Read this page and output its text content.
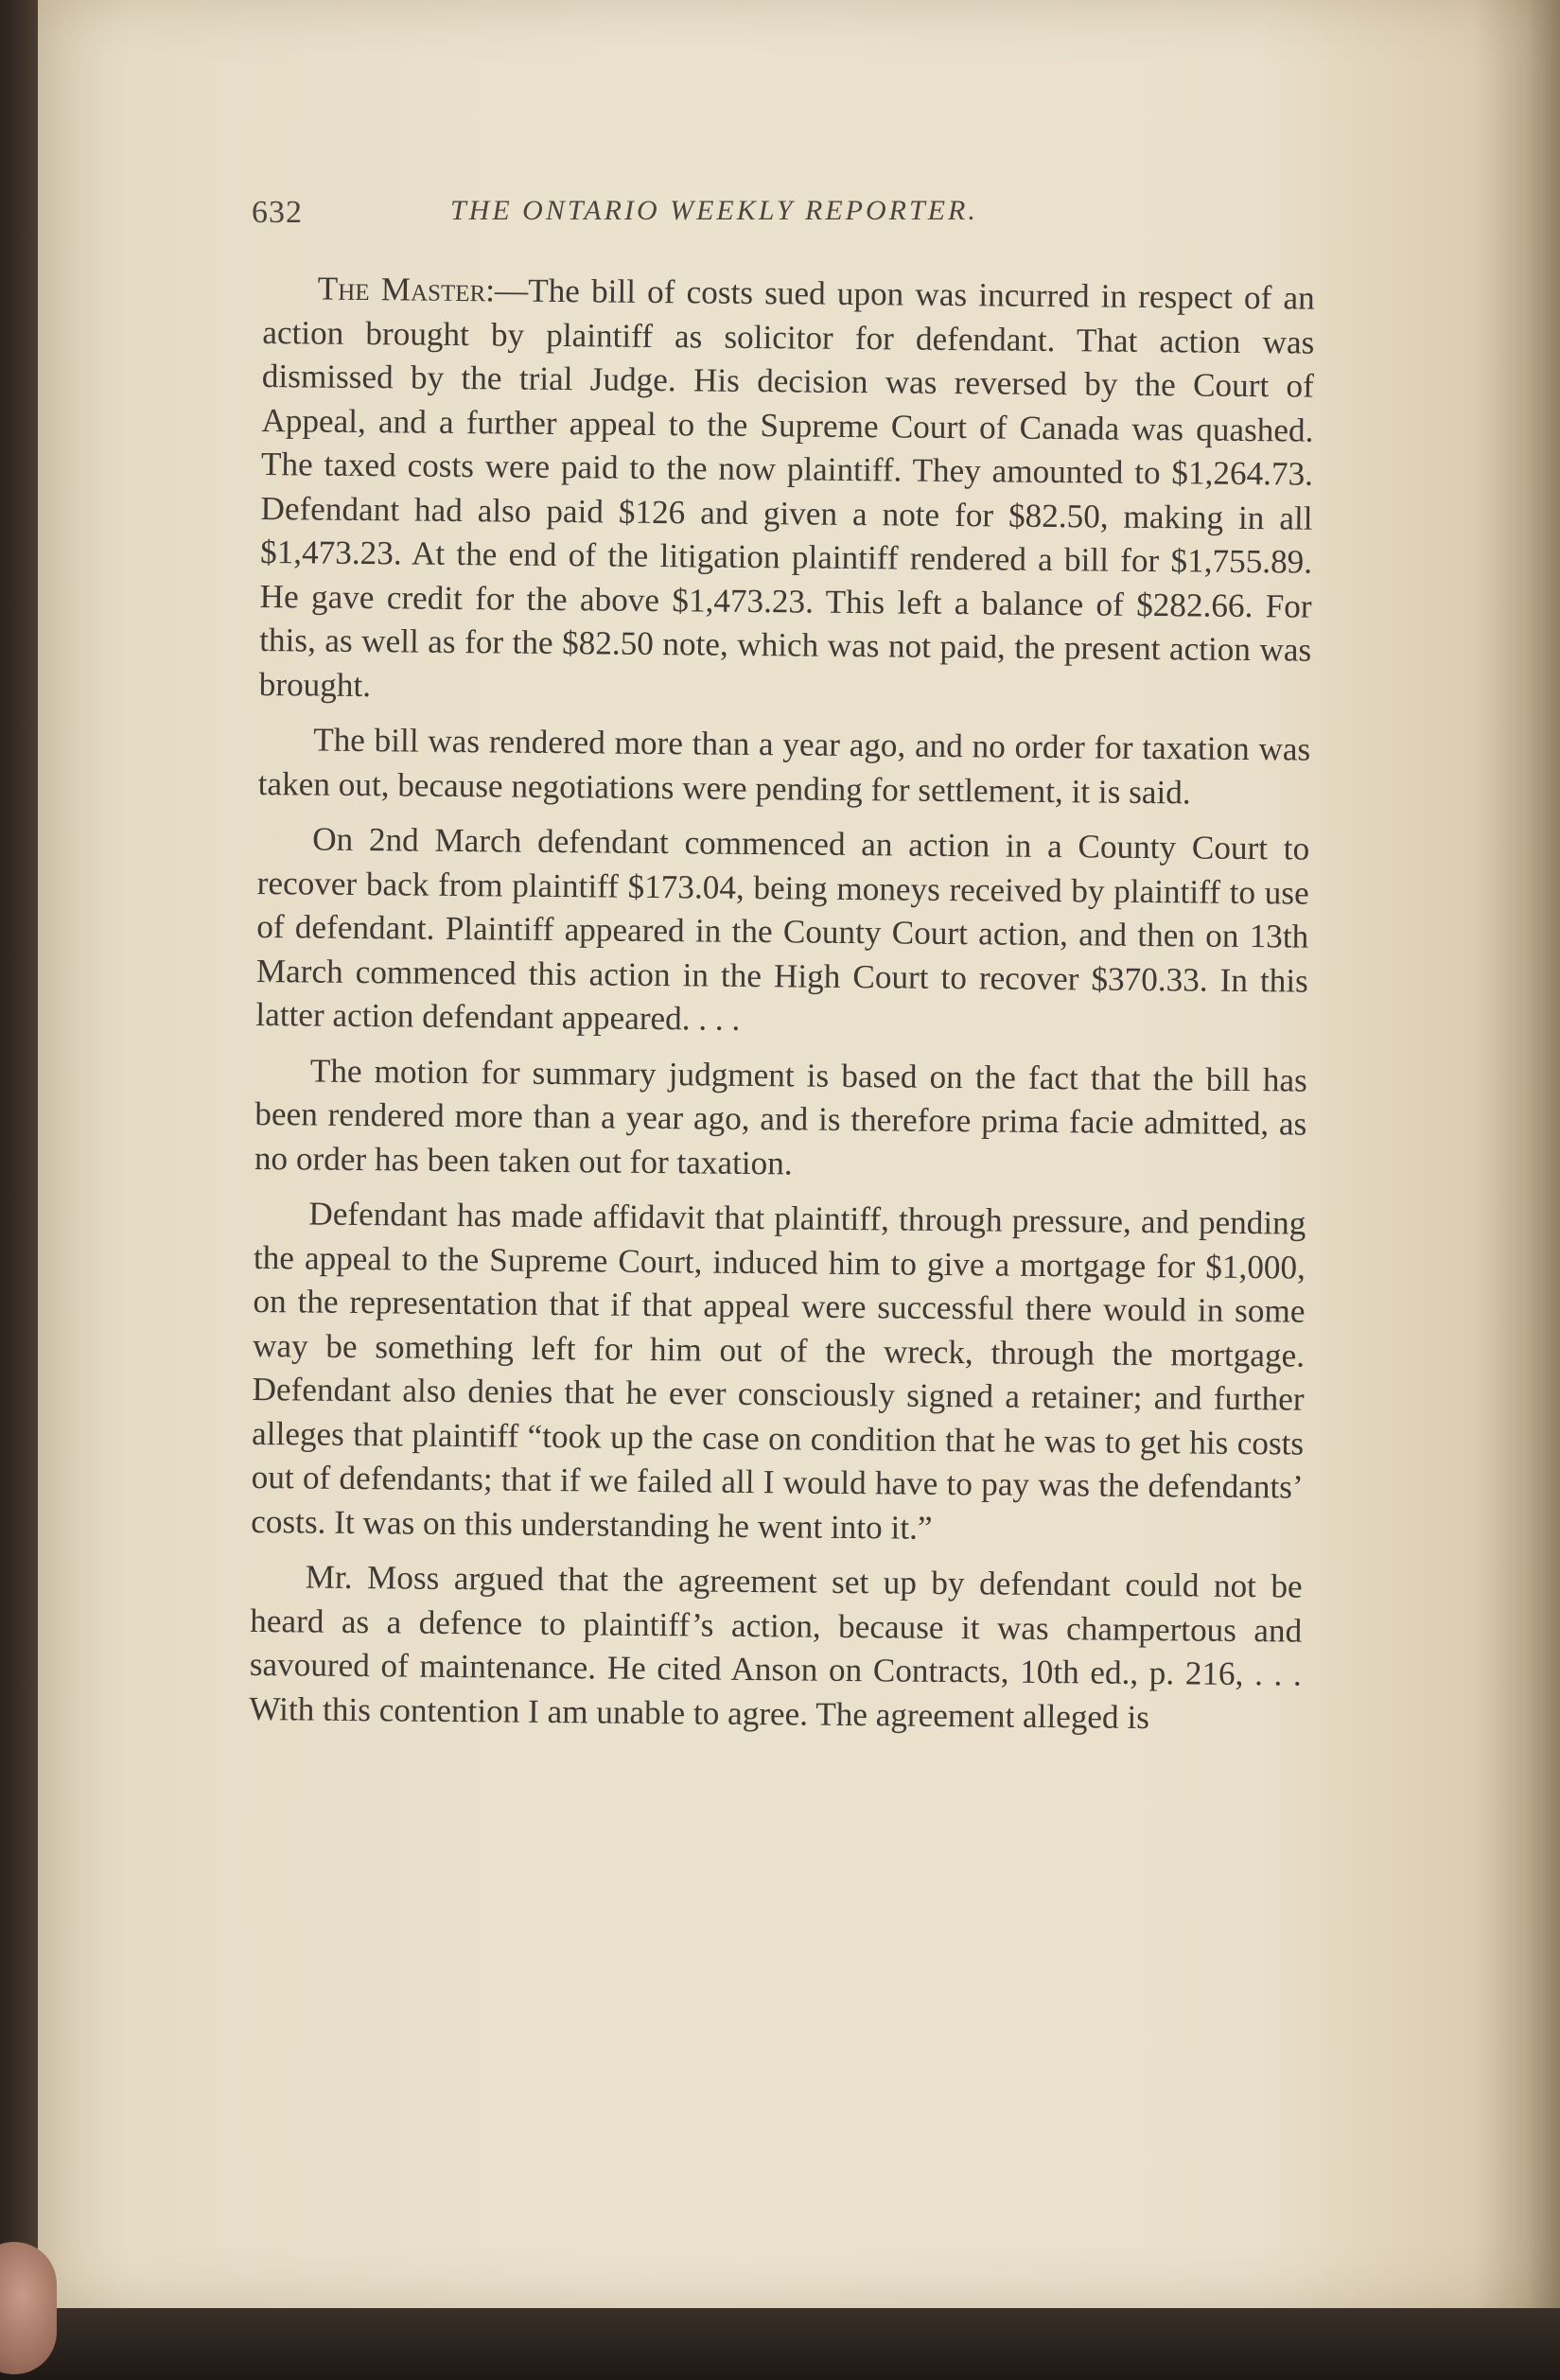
632	THE ONTARIO WEEKLY REPORTER.

The Master:—The bill of costs sued upon was incurred in respect of an action brought by plaintiff as solicitor for defendant. That action was dismissed by the trial Judge. His decision was reversed by the Court of Appeal, and a further appeal to the Supreme Court of Canada was quashed. The taxed costs were paid to the now plaintiff. They amounted to $1,264.73. Defendant had also paid $126 and given a note for $82.50, making in all $1,473.23. At the end of the litigation plaintiff rendered a bill for $1,755.89. He gave credit for the above $1,473.23. This left a balance of $282.66. For this, as well as for the $82.50 note, which was not paid, the present action was brought.

The bill was rendered more than a year ago, and no order for taxation was taken out, because negotiations were pending for settlement, it is said.

On 2nd March defendant commenced an action in a County Court to recover back from plaintiff $173.04, being moneys received by plaintiff to use of defendant. Plaintiff appeared in the County Court action, and then on 13th March commenced this action in the High Court to recover $370.33. In this latter action defendant appeared. . . .

The motion for summary judgment is based on the fact that the bill has been rendered more than a year ago, and is therefore prima facie admitted, as no order has been taken out for taxation.

Defendant has made affidavit that plaintiff, through pressure, and pending the appeal to the Supreme Court, induced him to give a mortgage for $1,000, on the representation that if that appeal were successful there would in some way be something left for him out of the wreck, through the mortgage. Defendant also denies that he ever consciously signed a retainer; and further alleges that plaintiff “took up the case on condition that he was to get his costs out of defendants; that if we failed all I would have to pay was the defendants’ costs. It was on this understanding he went into it.”

Mr. Moss argued that the agreement set up by defendant could not be heard as a defence to plaintiff’s action, because it was champertous and savoured of maintenance. He cited Anson on Contracts, 10th ed., p. 216, . . . With this contention I am unable to agree. The agreement alleged is
